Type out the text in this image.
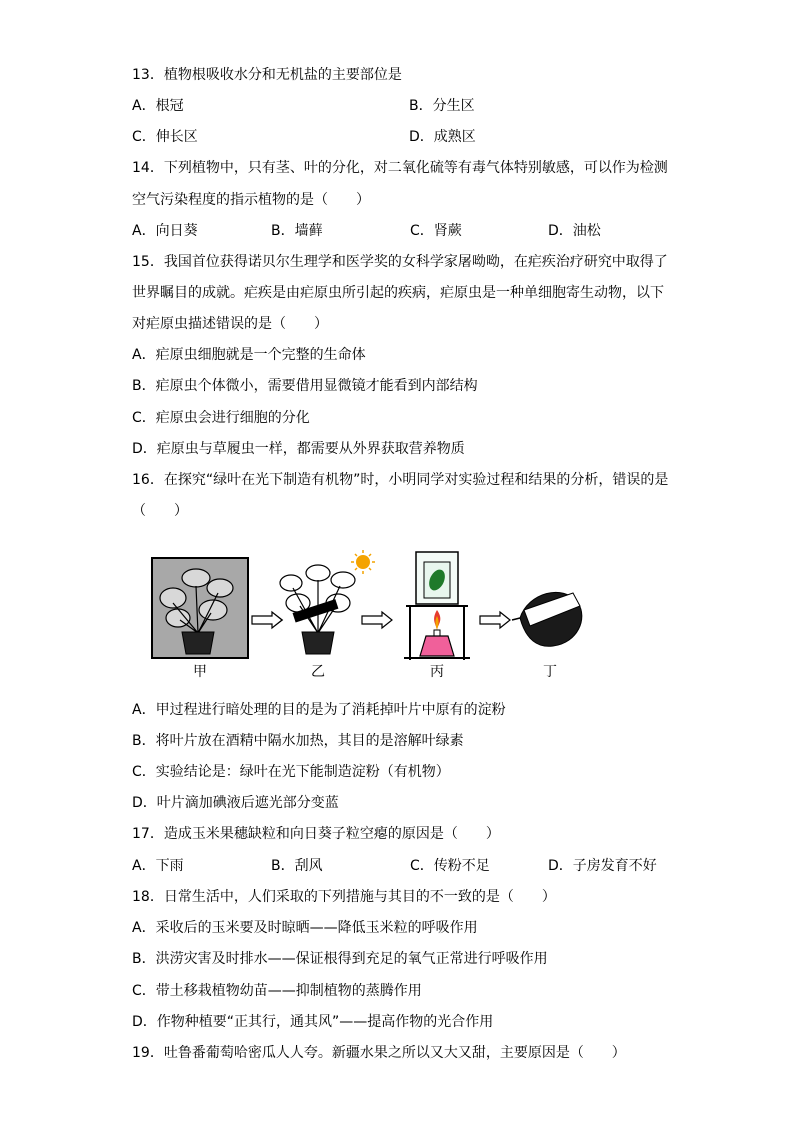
13．植物根吸收水分和无机盐的主要部位是
A．根冠	B．分生区
C．伸长区	D．成熟区
14．下列植物中，只有茎、叶的分化，对二氧化硫等有毒气体特别敏感，可以作为检测
空气污染程度的指示植物的是（　　）
A．向日葵	B．墙藓	C．肾蕨	D．油松
15．我国首位获得诺贝尔生理学和医学奖的女科学家屠呦呦，在疟疾治疗研究中取得了
世界瞩目的成就。疟疾是由疟原虫所引起的疾病，疟原虫是一种单细胞寄生动物，以下
对疟原虫描述错误的是（　　）
A．疟原虫细胞就是一个完整的生命体
B．疟原虫个体微小，需要借用显微镜才能看到内部结构
C．疟原虫会进行细胞的分化
D．疟原虫与草履虫一样，都需要从外界获取营养物质
16．在探究“绿叶在光下制造有机物”时，小明同学对实验过程和结果的分析，错误的是
（　　）
甲	乙	丙	丁
A．甲过程进行暗处理的目的是为了消耗掉叶片中原有的淀粉
B．将叶片放在酒精中隔水加热，其目的是溶解叶绿素
C．实验结论是：绿叶在光下能制造淀粉（有机物）
D．叶片滴加碘液后遮光部分变蓝
17．造成玉米果穗缺粒和向日葵子粒空瘪的原因是（　　）
A．下雨	B．刮风	C．传粉不足	D．子房发育不好
18．日常生活中，人们采取的下列措施与其目的不一致的是（　　）
A．采收后的玉米要及时晾晒——降低玉米粒的呼吸作用
B．洪涝灾害及时排水——保证根得到充足的氧气正常进行呼吸作用
C．带土移栽植物幼苗——抑制植物的蒸腾作用
D．作物种植要“正其行，通其风”——提高作物的光合作用
19．吐鲁番葡萄哈密瓜人人夸。新疆水果之所以又大又甜，主要原因是（　　）
